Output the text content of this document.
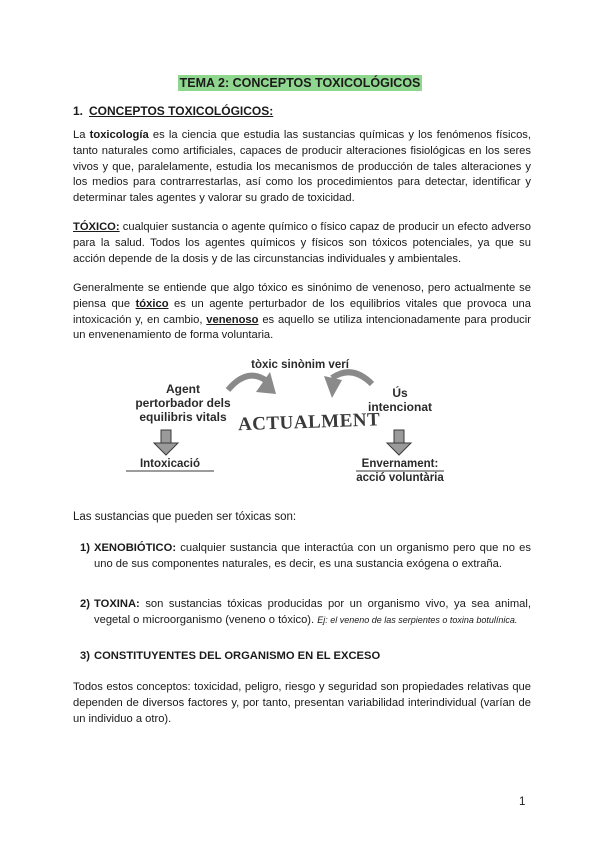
TEMA 2: CONCEPTOS TOXICOLÓGICOS
1. CONCEPTOS TOXICOLÓGICOS:
La toxicología es la ciencia que estudia las sustancias químicas y los fenómenos físicos, tanto naturales como artificiales, capaces de producir alteraciones fisiológicas en los seres vivos y que, paralelamente, estudia los mecanismos de producción de tales alteraciones y los medios para contrarrestarlas, así como los procedimientos para detectar, identificar y determinar tales agentes y valorar su grado de toxicidad.
TÓXICO: cualquier sustancia o agente químico o físico capaz de producir un efecto adverso para la salud. Todos los agentes químicos y físicos son tóxicos potenciales, ya que su acción depende de la dosis y de las circunstancias individuales y ambientales.
Generalmente se entiende que algo tóxico es sinónimo de venenoso, pero actualmente se piensa que tóxico es un agente perturbador de los equilibrios vitales que provoca una intoxicación y, en cambio, venenoso es aquello se utiliza intencionadamente para producir un envenenamiento de forma voluntaria.
tòxic sinònim verí
Agent
pertorbador dels
equilibris vitals ACTUALMENT
Ús
intencionat
Intoxicació	Envernament:
acció voluntària
Las sustancias que pueden ser tóxicas son:
1) XENOBIÓTICO: cualquier sustancia que interactúa con un organismo pero que no es uno de sus componentes naturales, es decir, es una sustancia exógena o extraña.
2) TOXINA: son sustancias tóxicas producidas por un organismo vivo, ya sea animal, vegetal o microorganismo (veneno o tóxico). Ej: el veneno de las serpientes o toxina botulínica.
3) CONSTITUYENTES DEL ORGANISMO EN EL EXCESO
Todos estos conceptos: toxicidad, peligro, riesgo y seguridad son propiedades relativas que dependen de diversos factores y, por tanto, presentan variabilidad interindividual (varían de un individuo a otro).
1
